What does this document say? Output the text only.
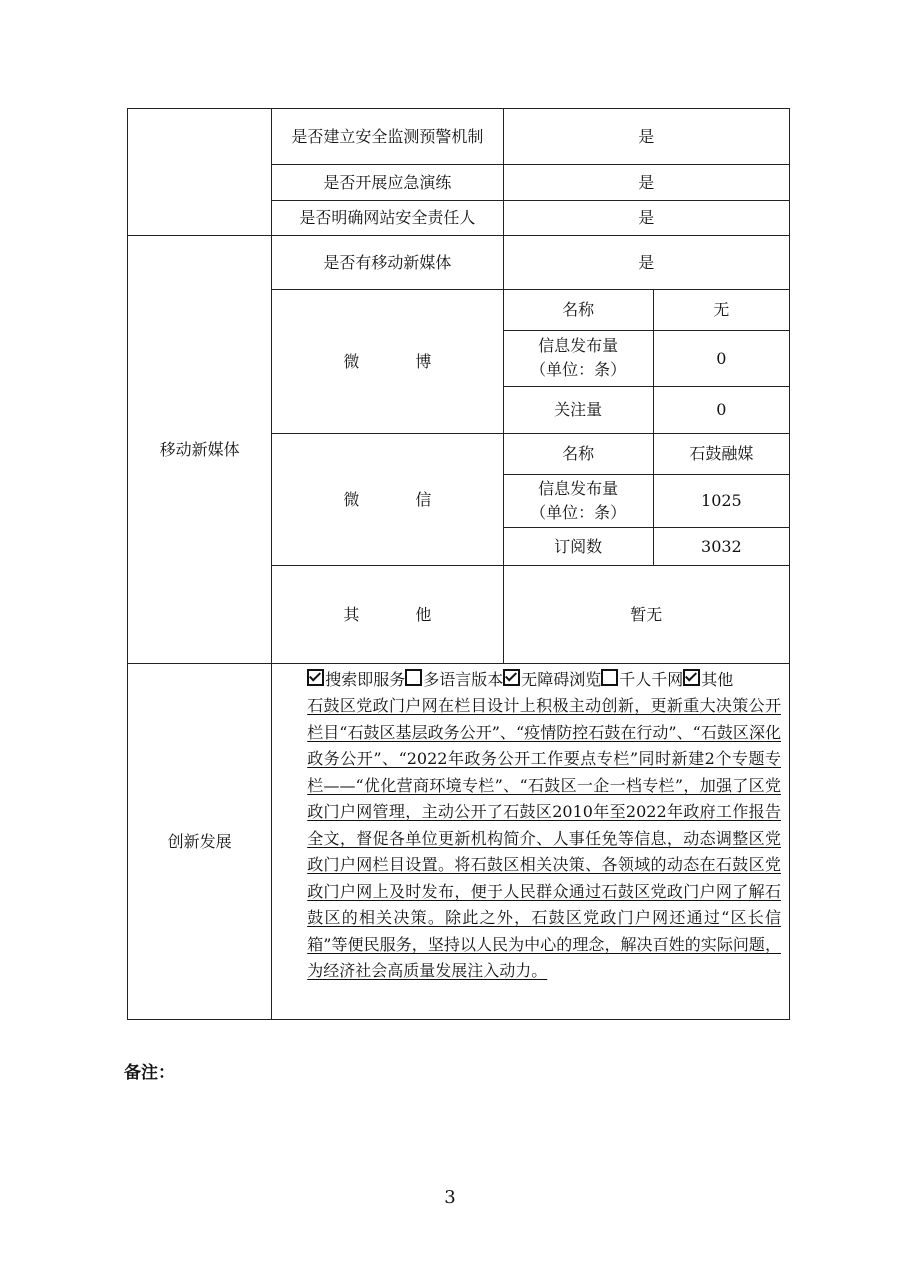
	是否建立安全监测预警机制	是	
	是否开展应急演练	是	
	是否明确网站安全责任人	是	
移动新媒体	是否有移动新媒体	是	
	微　博	名称	无
		信息发布量（单位：条）	0
		关注量	0
	微　信	名称	石鼓融媒
		信息发布量（单位：条）	1025
		订阅数	3032
	其　他	暂无	
创新发展	搜索即服务 多语言版本 无障碍浏览 千人千网 其他
石鼓区党政门户网在栏目设计上积极主动创新，更新重大决策公开栏目“石鼓区基层政务公开”、“疫情防控石鼓在行动”、“石鼓区深化政务公开”、“2022年政务公开工作要点专栏”同时新建2个专题专栏——“优化营商环境专栏”、“石鼓区一企一档专栏”，加强了区党政门户网管理，主动公开了石鼓区2010年至2022年政府工作报告全文，督促各单位更新机构简介、人事任免等信息，动态调整区党政门户网栏目设置。将石鼓区相关决策、各领域的动态在石鼓区党政门户网上及时发布，便于人民群众通过石鼓区党政门户网了解石鼓区的相关决策。除此之外，石鼓区党政门户网还通过“区长信箱”等便民服务，坚持以人民为中心的理念，解决百姓的实际问题，为经济社会高质量发展注入动力。		
备注：
3
